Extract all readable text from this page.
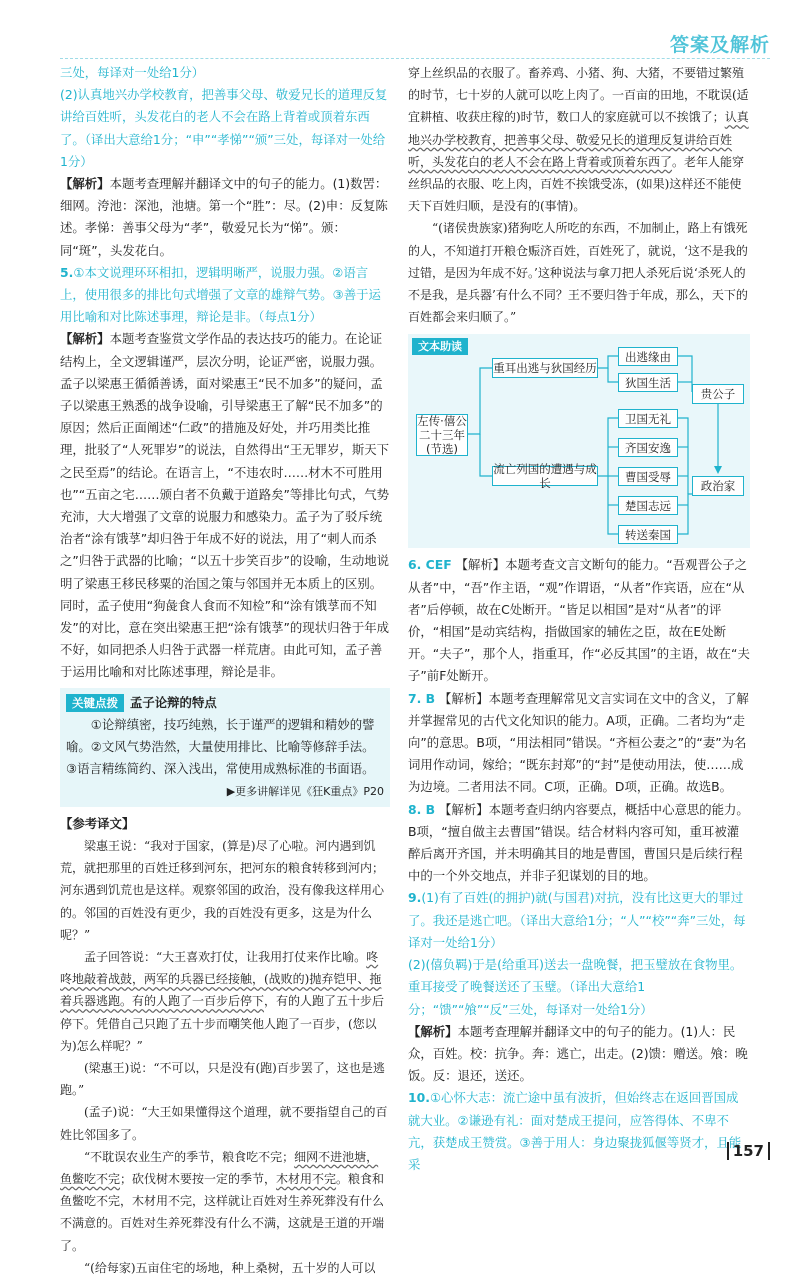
答案及解析

三处，每译对一处给1分）

(2)认真地兴办学校教育，把善事父母、敬爱兄长的道理反复讲给百姓听，头发花白的老人不会在路上背着或顶着东西了。（译出大意给1分；“申”“孝悌”“颁”三处，每译对一处给1分）

【解析】本题考查理解并翻译文中的句子的能力。(1)数罟：细网。洿池：深池，池塘。第一个“胜”：尽。(2)申：反复陈述。孝悌：善事父母为“孝”，敬爱兄长为“悌”。颁：同“斑”，头发花白。

5.①本文说理环环相扣，逻辑明晰严，说服力强。②语言上，使用很多的排比句式增强了文章的雄辩气势。③善于运用比喻和对比陈述事理，辩论是非。（每点1分）

【解析】本题考查鉴赏文学作品的表达技巧的能力。在论证结构上，全文逻辑谨严，层次分明，论证严密，说服力强。孟子以梁惠王循循善诱，面对梁惠王“民不加多”的疑问，孟子以梁惠王熟悉的战争设喻，引导梁惠王了解“民不加多”的原因；然后正面阐述“仁政”的措施及好处，并巧用类比推理，批驳了“人死罪岁”的说法，自然得出“王无罪岁，斯天下之民至焉”的结论。在语言上，“不违农时……材木不可胜用也”“五亩之宅……颁白者不负戴于道路矣”等排比句式，气势充沛，大大增强了文章的说服力和感染力。孟子为了驳斥统治者“涂有饿莩”却归咎于年成不好的说法，用了“刺人而杀之”归咎于武器的比喻；“以五十步笑百步”的设喻，生动地说明了梁惠王移民移粟的治国之策与邻国并无本质上的区别。同时，孟子使用“狗彘食人食而不知检”和“涂有饿莩而不知发”的对比，意在突出梁惠王把“涂有饿莩”的现状归咎于年成不好，如同把杀人归咎于武器一样荒唐。由此可知，孟子善于运用比喻和对比陈述事理，辩论是非。

关键点拨 孟子论辩的特点

①论辩缜密，技巧纯熟，长于谨严的逻辑和精妙的譬喻。②文风气势浩然，大量使用排比、比喻等修辞手法。③语言精练简约、深入浅出，常使用成熟标准的书面语。

▶更多讲解详见《狂K重点》P20

【参考译文】

梁惠王说：“我对于国家，(算是)尽了心啦。河内遇到饥荒，就把那里的百姓迁移到河东，把河东的粮食转移到河内；河东遇到饥荒也是这样。观察邻国的政治，没有像我这样用心的。邻国的百姓没有更少，我的百姓没有更多，这是为什么呢？”

孟子回答说：“大王喜欢打仗，让我用打仗来作比喻。咚咚地敲着战鼓，两军的兵器已经接触，(战败的)抛弃铠甲、拖着兵器逃跑。有的人跑了一百步后停下，有的人跑了五十步后停下。凭借自己只跑了五十步而嘲笑他人跑了一百步，(您以为)怎么样呢？”

(梁惠王)说：“不可以，只是没有(跑)百步罢了，这也是逃跑。”

(孟子)说：“大王如果懂得这个道理，就不要指望自己的百姓比邻国多了。

“不耽误农业生产的季节，粮食吃不完；细网不进池塘，鱼鳖吃不完；砍伐树木要按一定的季节，木材用不完。粮食和鱼鳖吃不完，木材用不完，这样就让百姓对生养死葬没有什么不满意的。百姓对生养死葬没有什么不满，这就是王道的开端了。

“(给每家)五亩住宅的场地，种上桑树，五十岁的人可以

穿上丝织品的衣服了。畜养鸡、小猪、狗、大猪，不要错过繁殖的时节，七十岁的人就可以吃上肉了。一百亩的田地，不耽误(适宜耕植、收获庄稼的)时节，数口人的家庭就可以不挨饿了；认真地兴办学校教育，把善事父母、敬爱兄长的道理反复讲给百姓听，头发花白的老人不会在路上背着或顶着东西了。老年人能穿丝织品的衣服、吃上肉，百姓不挨饿受冻，(如果)这样还不能使天下百姓归顺，是没有的(事情)。

“(诸侯贵族家)猪狗吃人所吃的东西，不加制止，路上有饿死的人，不知道打开粮仓赈济百姓，百姓死了，就说，‘这不是我的过错，是因为年成不好。’这种说法与拿刀把人杀死后说‘杀死人的不是我，是兵器’有什么不同？王不要归咎于年成，那么，天下的百姓都会来归顺了。”

文本助读
左传·僖公二十三年(节选)
重耳出逃与狄国经历
流亡列国的遭遇与成长
出逃缘由
狄国生活
卫国无礼
齐国安逸
曹国受辱
楚国志远
转送秦国
贵公子
政治家

6. CEF 【解析】本题考查文言文断句的能力。“吾观晋公子之从者”中，“吾”作主语，“观”作谓语，“从者”作宾语，应在“从者”后停顿，故在C处断开。“皆足以相国”是对“从者”的评价，“相国”是动宾结构，指做国家的辅佐之臣，故在E处断开。“夫子”，那个人，指重耳，作“必反其国”的主语，故在“夫子”前F处断开。

7. B 【解析】本题考查理解常见文言实词在文中的含义，了解并掌握常见的古代文化知识的能力。A项，正确。二者均为“走向”的意思。B项，“用法相同”错误。“齐桓公妻之”的“妻”为名词用作动词，嫁给；“既东封郑”的“封”是使动用法，使……成为边境。二者用法不同。C项，正确。D项，正确。故选B。

8. B 【解析】本题考查归纳内容要点，概括中心意思的能力。B项，“擅自做主去曹国”错误。结合材料内容可知，重耳被灌醉后离开齐国，并未明确其目的地是曹国，曹国只是后续行程中的一个外交地点，并非子犯谋划的目的地。

9.(1)有了百姓(的拥护)就(与国君)对抗，没有比这更大的罪过了。我还是逃亡吧。（译出大意给1分；“人”“校”“奔”三处，每译对一处给1分）

(2)(僖负羁)于是(给重耳)送去一盘晚餐，把玉璧放在食物里。重耳接受了晚餐送还了玉璧。（译出大意给1分；“馈”“飧”“反”三处，每译对一处给1分）

【解析】本题考查理解并翻译文中的句子的能力。(1)人：民众，百姓。校：抗争。奔：逃亡，出走。(2)馈：赠送。飧：晚饭。反：退还，送还。

10.①心怀大志：流亡途中虽有波折，但始终志在返回晋国成就大业。②谦逊有礼：面对楚成王提问，应答得体、不卑不亢，获楚成王赞赏。③善于用人：身边聚拢狐偃等贤才，且能采

157
